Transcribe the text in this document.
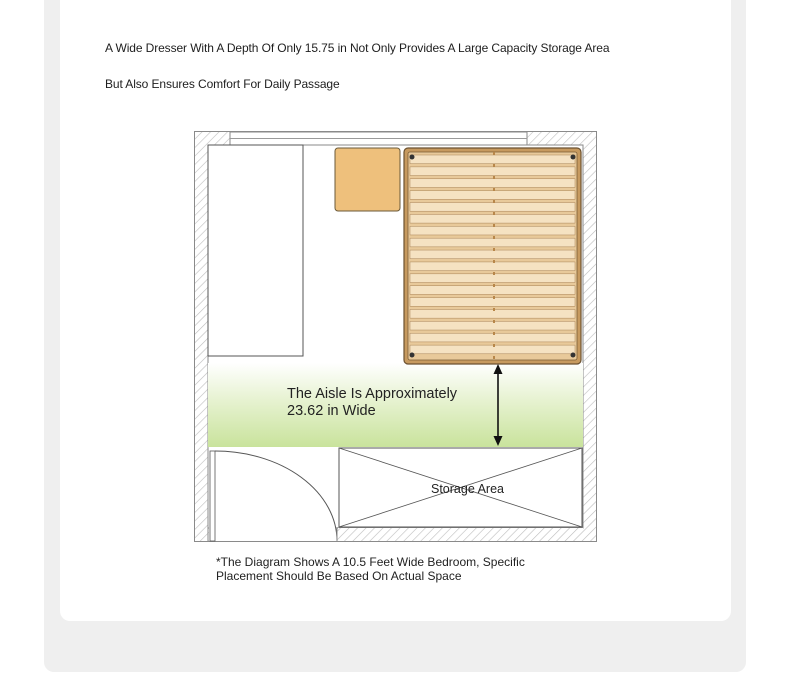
A Wide Dresser With A Depth Of Only 15.75 in Not Only Provides A Large Capacity Storage Area
But Also Ensures Comfort For Daily Passage
The Aisle Is Approximately
23.62 in Wide
Storage Area
*The Diagram Shows A 10.5 Feet Wide Bedroom, Specific
Placement Should Be Based On Actual Space
